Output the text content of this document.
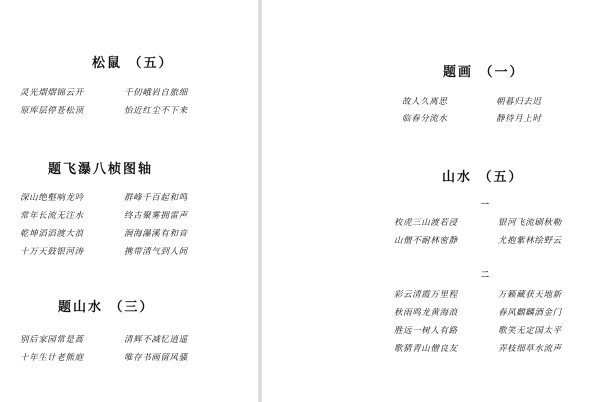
松鼠 （五）
灵光熠熠锦云开
原库层停苍松顶
千仞峨岩自旅细
怡近红尘不下来
题飞瀑八桢图轴
深山绝壑响龙吟
常年长流无注水
乾坤滔滔渡大浪
十万天鼓银河涛
群峰千百起和鸣
终古聚雾拥雷声
涧海瀑溪有和音
携带清气到人间
题山水 （三）
别后家园常是蒿
十年生计老熊庭
清辉不减忆逍遥
唯存书画留风骚
题画 （一）
故人久离思
临春分流水
朝暮归去迟
静待月上时
山水 （五）
一
枚虎三山渡若浸
山僧不耐林密静
银河飞流刷秋勒
尤抱紫林绘野云
二
彩云清霞万里程
秋雨鸣龙黄海浪
胜远一树人有路
歌猜青山僧良友
万籁藏获天地新
春风麒麟酒金门
歌笑无定国太平
弄枝细草水流声
